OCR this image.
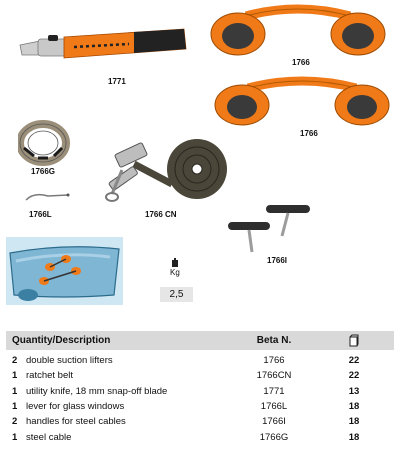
1771
1766
1766
1766G
1766L	1766 CN
1766I
Kg
2,5
Quantity/Description	Beta N.
2 double suction lifters	1766	22
1 ratchet belt	1766CN	22
1 utility knife, 18 mm snap-off blade	1771	13
1 lever for glass windows	1766L	18
2 handles for steel cables	1766I	18
1 steel cable	1766G	18
